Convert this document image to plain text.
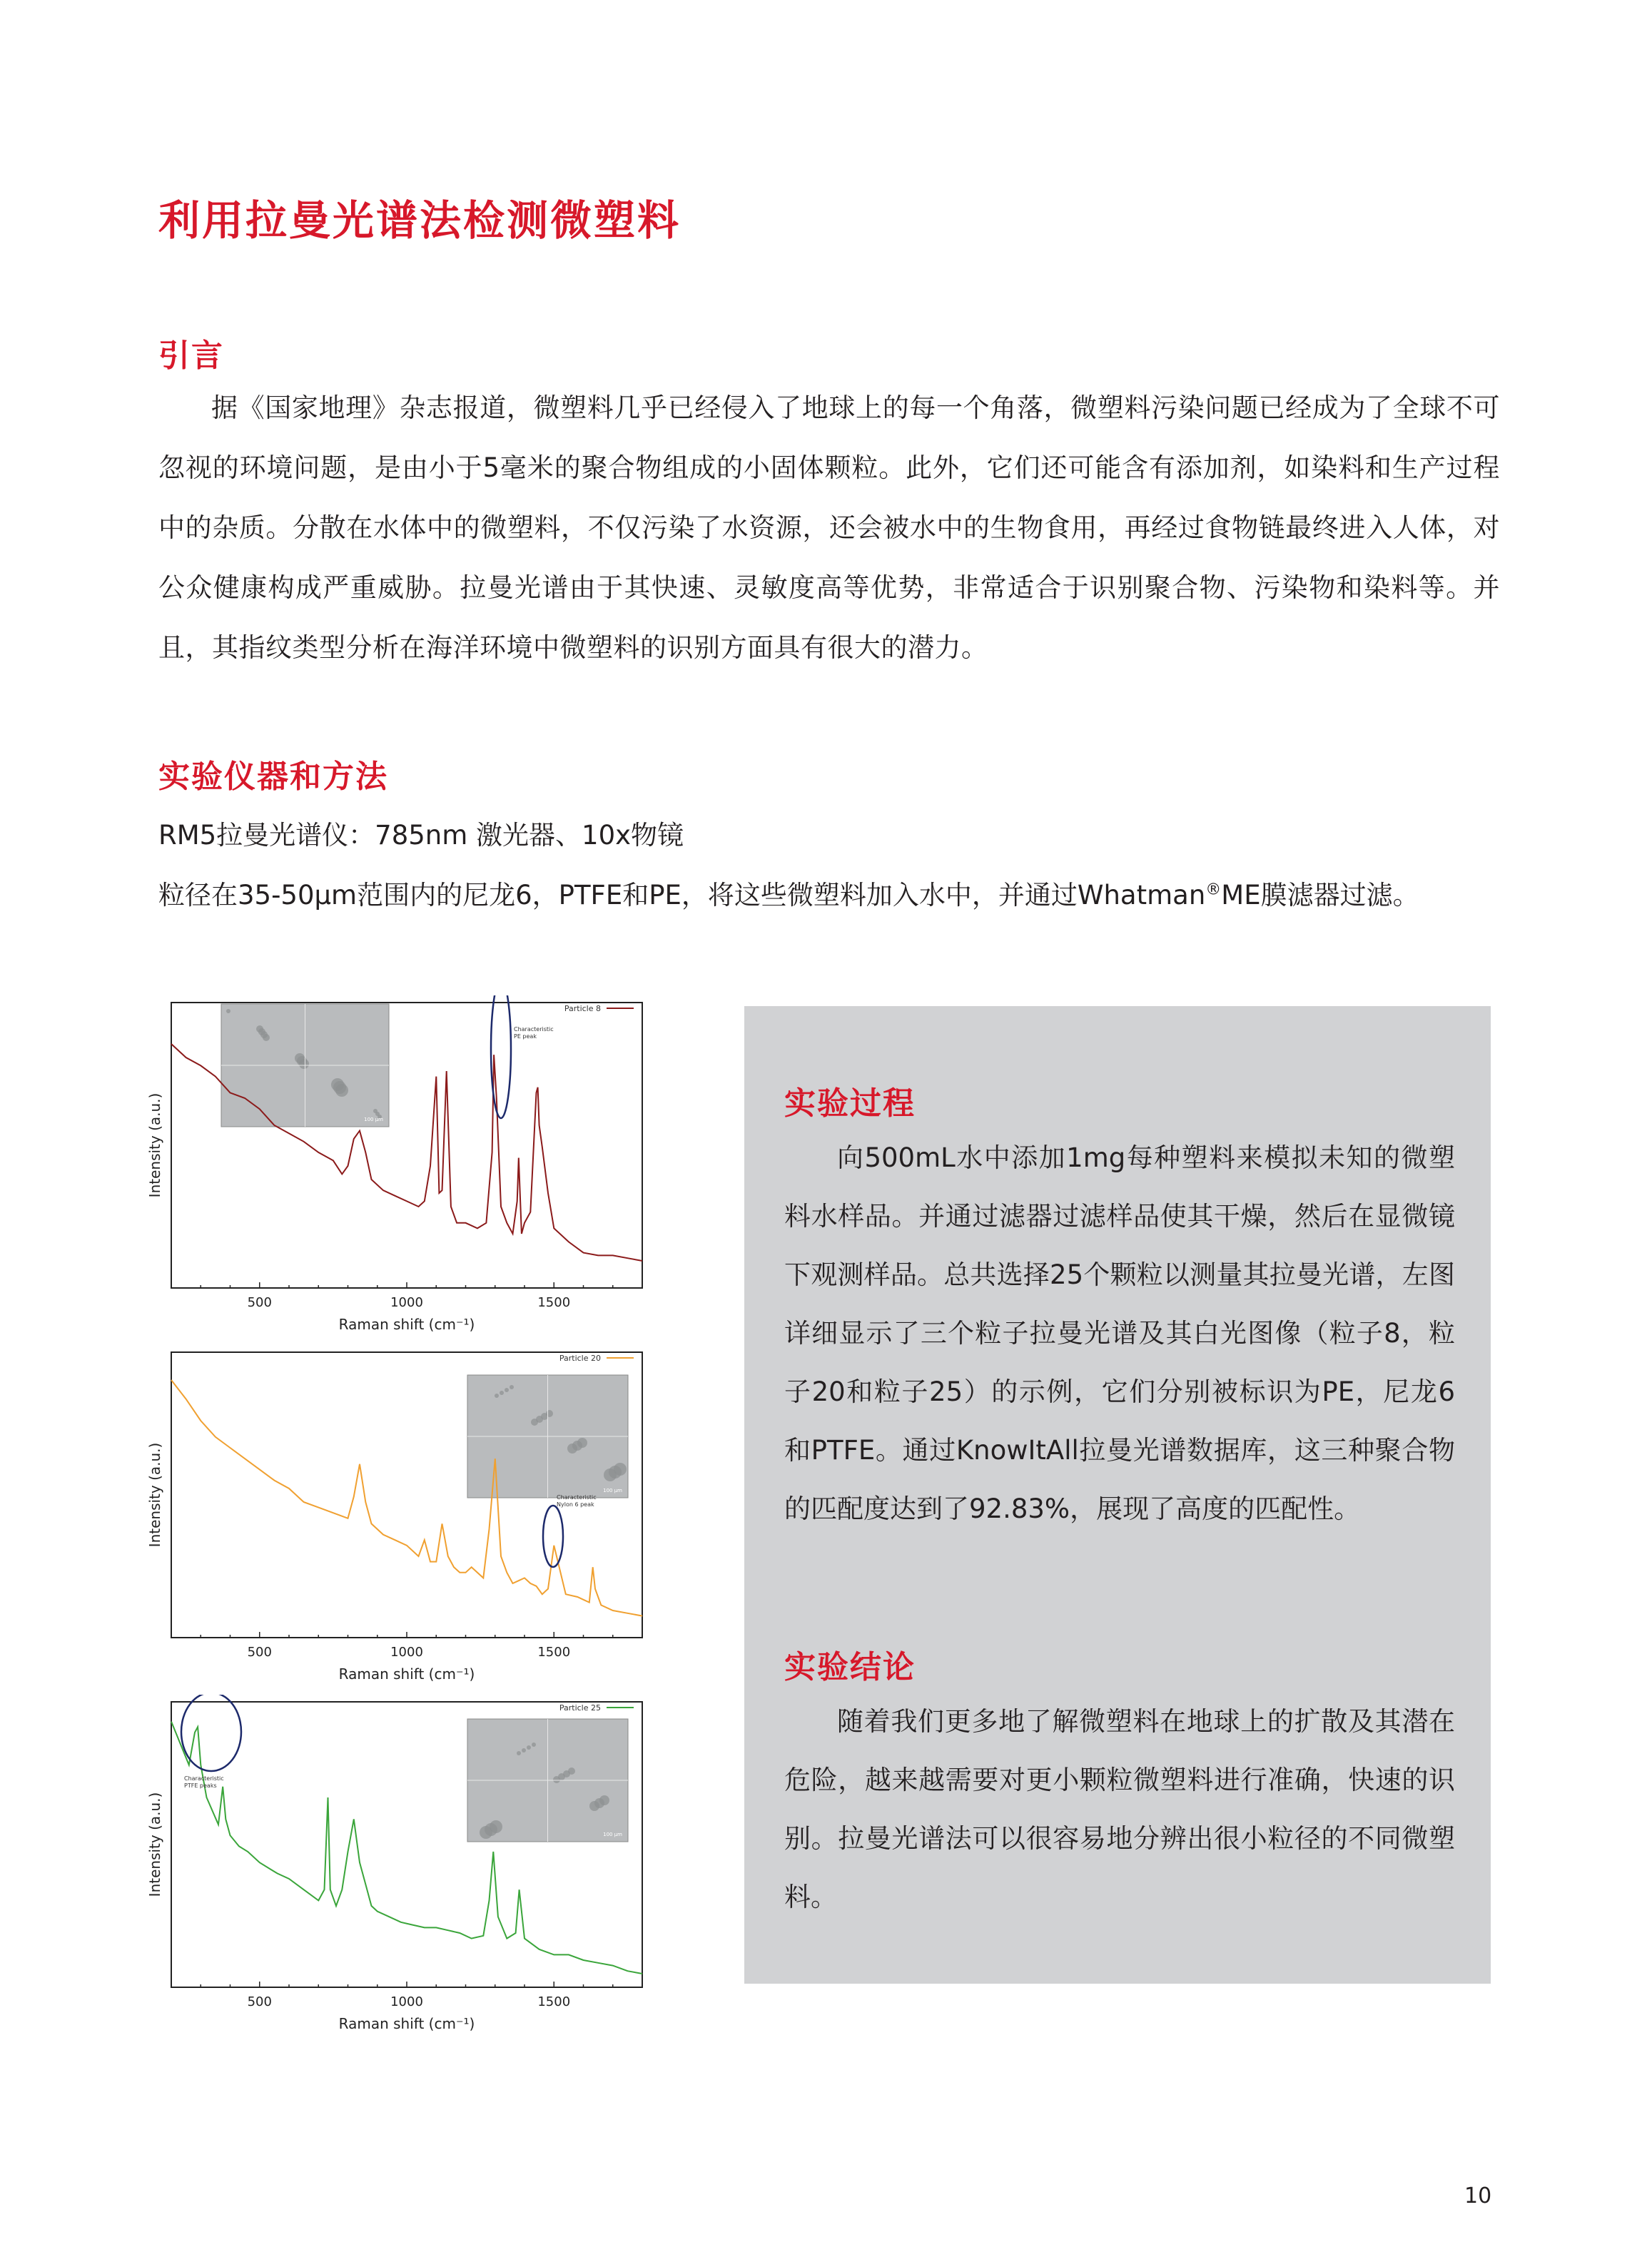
利用拉曼光谱法检测微塑料
引言

据《国家地理》杂志报道，微塑料几乎已经侵入了地球上的每一个角落，微塑料污染问题已经成为了全球不可忽视的环境问题，是由小于5毫米的聚合物组成的小固体颗粒。此外，它们还可能含有添加剂，如染料和生产过程中的杂质。分散在水体中的微塑料，不仅污染了水资源，还会被水中的生物食用，再经过食物链最终进入人体，对公众健康构成严重威胁。拉曼光谱由于其快速、灵敏度高等优势，非常适合于识别聚合物、污染物和染料等。并且，其指纹类型分析在海洋环境中微塑料的识别方面具有很大的潜力。

实验仪器和方法

RM5拉曼光谱仪：785nm 激光器、10x物镜

粒径在35-50μm范围内的尼龙6，PTFE和PE，将这些微塑料加入水中，并通过Whatman®ME膜滤器过滤。

100 μm
Particle 8
Characteristic
PE peak
500	1000	1500
Raman shift (cm⁻¹)
Intensity (a.u.)
100 μm
Particle 20
Characteristic
Nylon 6 peak
500	1000	1500
Raman shift (cm⁻¹)
Intensity (a.u.)
100 μm
Particle 25
Characteristic
PTFE peaks
500	1000	1500
Raman shift (cm⁻¹)
Intensity (a.u.)
实验过程

向500mL水中添加1mg每种塑料来模拟未知的微塑料水样品。并通过滤器过滤样品使其干燥，然后在显微镜下观测样品。总共选择25个颗粒以测量其拉曼光谱，左图详细显示了三个粒子拉曼光谱及其白光图像（粒子8，粒子20和粒子25）的示例，它们分别被标识为PE，尼龙6和PTFE。通过KnowItAll拉曼光谱数据库，这三种聚合物的匹配度达到了92.83%，展现了高度的匹配性。

实验结论

随着我们更多地了解微塑料在地球上的扩散及其潜在危险，越来越需要对更小颗粒微塑料进行准确，快速的识别。拉曼光谱法可以很容易地分辨出很小粒径的不同微塑料。

10
